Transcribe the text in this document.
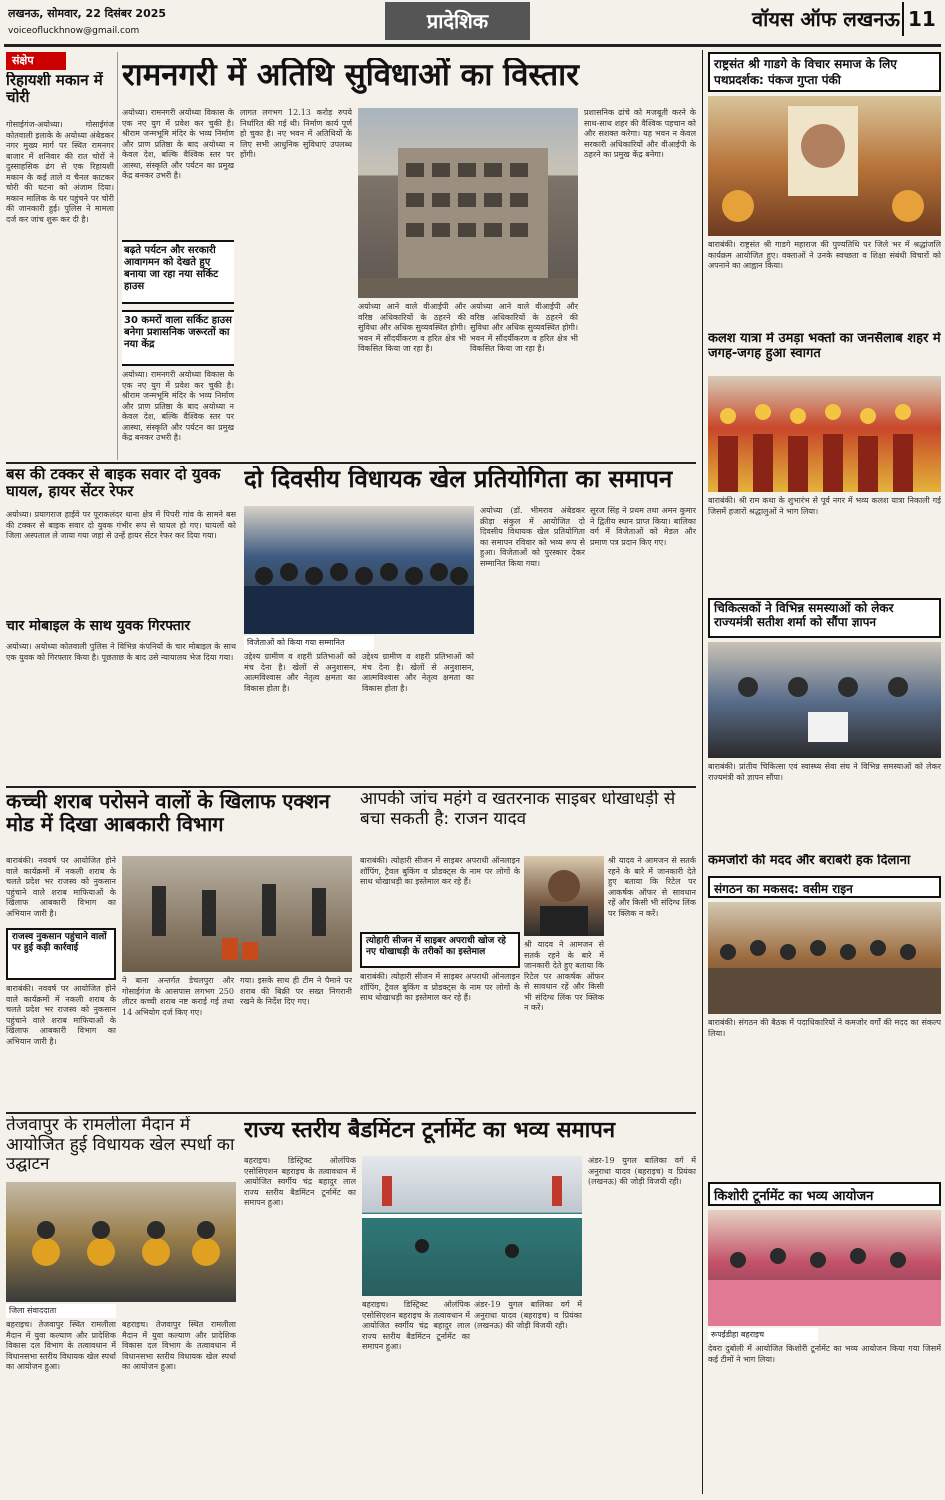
लखनऊ, सोमवार, 22 दिसंबर 2025
voiceofluckhnow@gmail.com	प्रादेशिक	वॉयस ऑफ लखनऊ 11
संक्षेप
रिहायशी मकान में चोरी
गोसाईगंज-अयोध्या। गोसाईगंज कोतवाली इलाके के अयोध्या अंबेडकर नगर मुख्य मार्ग पर स्थित रामनगर बाजार में शनिवार की रात चोरों ने दुस्साहसिक ढंग से एक रिहायशी मकान के कई ताले व चैनल काटकर चोरी की घटना को अंजाम दिया। मकान मालिक के घर पहुंचने पर चोरी की जानकारी हुई। पुलिस ने मामला दर्ज कर जांच शुरू कर दी है।
रामनगरी में अतिथि सुविधाओं का विस्तार
अयोध्या। रामनगरी अयोध्या विकास के एक नए युग में प्रवेश कर चुकी है। श्रीराम जन्मभूमि मंदिर के भव्य निर्माण और प्राण प्रतिष्ठा के बाद अयोध्या न केवल देश, बल्कि वैश्विक स्तर पर आस्था, संस्कृति और पर्यटन का प्रमुख केंद्र बनकर उभरी है।
बढ़ते पर्यटन और सरकारी आवागमन को देखते हुए बनाया जा रहा नया सर्किट हाउस
30 कमरों वाला सर्किट हाउस बनेगा प्रशासनिक जरूरतों का नया केंद्र
अयोध्या। रामनगरी अयोध्या विकास के एक नए युग में प्रवेश कर चुकी है। श्रीराम जन्मभूमि मंदिर के भव्य निर्माण और प्राण प्रतिष्ठा के बाद अयोध्या न केवल देश, बल्कि वैश्विक स्तर पर आस्था, संस्कृति और पर्यटन का प्रमुख केंद्र बनकर उभरी है।
लागत लगभग 12.13 करोड़ रुपये निर्धारित की गई थी। निर्माण कार्य पूर्ण हो चुका है। नए भवन में अतिथियों के लिए सभी आधुनिक सुविधाएं उपलब्ध होंगी।
अयोध्या आने वाले वीआईपी और वरिष्ठ अधिकारियों के ठहरने की सुविधा और अधिक सुव्यवस्थित होगी। भवन में सौंदर्यीकरण व हरित क्षेत्र भी विकसित किया जा रहा है।
अयोध्या आने वाले वीआईपी और वरिष्ठ अधिकारियों के ठहरने की सुविधा और अधिक सुव्यवस्थित होगी। भवन में सौंदर्यीकरण व हरित क्षेत्र भी विकसित किया जा रहा है।
प्रशासनिक ढांचे को मजबूती करने के साथ-साथ शहर की वैश्विक पहचान को और सशक्त करेगा। यह भवन न केवल सरकारी अधिकारियों और वीआईपी के ठहरने का प्रमुख केंद्र बनेगा।
बस की टक्कर से बाइक सवार दो युवक घायल, हायर सेंटर रेफर
अयोध्या। प्रयागराज हाईवे पर पूराकलंदर थाना क्षेत्र में पिपरी गांव के सामने बस की टक्कर से बाइक सवार दो युवक गंभीर रूप से घायल हो गए। घायलों को जिला अस्पताल ले जाया गया जहां से उन्हें हायर सेंटर रेफर कर दिया गया।
चार मोबाइल के साथ युवक गिरफ्तार
अयोध्या। अयोध्या कोतवाली पुलिस ने विभिन्न कंपनियों के चार मोबाइल के साथ एक युवक को गिरफ्तार किया है। पूछताछ के बाद उसे न्यायालय भेज दिया गया।
दो दिवसीय विधायक खेल प्रतियोगिता का समापन
विजेताओं को किया गया सम्मानित
उद्देश्य ग्रामीण व शहरी प्रतिभाओं को मंच देना है। खेलों से अनुशासन, आत्मविश्वास और नेतृत्व क्षमता का विकास होता है।
उद्देश्य ग्रामीण व शहरी प्रतिभाओं को मंच देना है। खेलों से अनुशासन, आत्मविश्वास और नेतृत्व क्षमता का विकास होता है।
अयोध्या (डॉ. भीमराव अंबेडकर क्रीड़ा संकुल में आयोजित दो दिवसीय विधायक खेल प्रतियोगिता का समापन रविवार को भव्य रूप से हुआ। विजेताओं को पुरस्कार देकर सम्मानित किया गया।
सूरज सिंह ने प्रथम तथा अमन कुमार ने द्वितीय स्थान प्राप्त किया। बालिका वर्ग में विजेताओं को मेडल और प्रमाण पत्र प्रदान किए गए।
कच्ची शराब परोसने वालों के खिलाफ एक्शन मोड में दिखा आबकारी विभाग
बाराबंकी। नववर्ष पर आयोजित होने वाले कार्यक्रमों में नकली शराब के चलते प्रदेश भर राजस्व को नुकसान पहुंचाने वाले शराब माफियाओं के खिलाफ आबकारी विभाग का अभियान जारी है।
राजस्व नुकसान पहुंचाने वालों पर हुई कड़ी कार्रवाई
बाराबंकी। नववर्ष पर आयोजित होने वाले कार्यक्रमों में नकली शराब के चलते प्रदेश भर राजस्व को नुकसान पहुंचाने वाले शराब माफियाओं के खिलाफ आबकारी विभाग का अभियान जारी है।
ने बाना अन्तर्गत डेचलपुरा और गोसाईगंज के आसपास लगभग 250 लीटर कच्ची शराब नष्ट कराई गई तथा 14 अभियोग दर्ज किए गए।
गया। इसके साथ ही टीम ने पैमाने पर शराब की बिक्री पर सख्त निगरानी रखने के निर्देश दिए गए।
आपकी जांच महंगे व खतरनाक साइबर धोखाधड़ी से बचा सकती है: राजन यादव
बाराबंकी। त्योहारी सीजन में साइबर अपराधी ऑनलाइन शॉपिंग, ट्रैवल बुकिंग व प्रोडक्ट्स के नाम पर लोगों के साथ धोखाधड़ी का इस्तेमाल कर रहे हैं।
त्योहारी सीजन में साइबर अपराधी खोज रहे नए धोखाधड़ी के तरीकों का इस्तेमाल
बाराबंकी। त्योहारी सीजन में साइबर अपराधी ऑनलाइन शॉपिंग, ट्रैवल बुकिंग व प्रोडक्ट्स के नाम पर लोगों के साथ धोखाधड़ी का इस्तेमाल कर रहे हैं।
श्री यादव ने आमजन से सतर्क रहने के बारे में जानकारी देते हुए बताया कि रिटेल पर आकर्षक ऑफर से सावधान रहें और किसी भी संदिग्ध लिंक पर क्लिक न करें।
श्री यादव ने आमजन से सतर्क रहने के बारे में जानकारी देते हुए बताया कि रिटेल पर आकर्षक ऑफर से सावधान रहें और किसी भी संदिग्ध लिंक पर क्लिक न करें।
तेजवापुर के रामलीला मैदान में आयोजित हुई विधायक खेल स्पर्धा का उद्घाटन
जिला संवाददाता
बहराइच। तेजवापुर स्थित रामलीला मैदान में युवा कल्याण और प्रादेशिक विकास दल विभाग के तत्वावधान में विधानसभा स्तरीय विधायक खेल स्पर्धा का आयोजन हुआ।
बहराइच। तेजवापुर स्थित रामलीला मैदान में युवा कल्याण और प्रादेशिक विकास दल विभाग के तत्वावधान में विधानसभा स्तरीय विधायक खेल स्पर्धा का आयोजन हुआ।
राज्य स्तरीय बैडमिंटन टूर्नामेंट का भव्य समापन
बहराइच। डिस्ट्रिक्ट ओलंपिक एसोसिएशन बहराइच के तत्वावधान में आयोजित स्वर्गीय चंद्र बहादुर लाल राज्य स्तरीय बैडमिंटन टूर्नामेंट का समापन हुआ।
बहराइच। डिस्ट्रिक्ट ओलंपिक एसोसिएशन बहराइच के तत्वावधान में आयोजित स्वर्गीय चंद्र बहादुर लाल राज्य स्तरीय बैडमिंटन टूर्नामेंट का समापन हुआ।
अंडर-19 युगल बालिका वर्ग में अनुराधा यादव (बहराइच) व प्रियंका (लखनऊ) की जोड़ी विजयी रही।
अंडर-19 युगल बालिका वर्ग में अनुराधा यादव (बहराइच) व प्रियंका (लखनऊ) की जोड़ी विजयी रही।
राष्ट्रसंत श्री गाडगे के विचार समाज के लिए पथप्रदर्शक: पंकज गुप्ता पंकी
बाराबंकी। राष्ट्रसंत श्री गाडगे महाराज की पुण्यतिथि पर जिले भर में श्रद्धांजलि कार्यक्रम आयोजित हुए। वक्ताओं ने उनके स्वच्छता व शिक्षा संबंधी विचारों को अपनाने का आह्वान किया।
कलश यात्रा में उमड़ा भक्तों का जनसैलाब शहर में जगह-जगह हुआ स्वागत
बाराबंकी। श्री राम कथा के शुभारंभ से पूर्व नगर में भव्य कलश यात्रा निकाली गई जिसमें हजारों श्रद्धालुओं ने भाग लिया।
चिकित्सकों ने विभिन्न समस्याओं को लेकर राज्यमंत्री सतीश शर्मा को सौंपा ज्ञापन
बाराबंकी। प्रांतीय चिकित्सा एवं स्वास्थ्य सेवा संघ ने विभिन्न समस्याओं को लेकर राज्यमंत्री को ज्ञापन सौंपा।
कमजोरों की मदद और बराबरी हक दिलाना
संगठन का मकसद: वसीम राइन
बाराबंकी। संगठन की बैठक में पदाधिकारियों ने कमजोर वर्गों की मदद का संकल्प लिया।
किशोरी टूर्नामेंट का भव्य आयोजन
रूपईडीहा बहराइच
देवरा दुबोली में आयोजित किशोरी टूर्नामेंट का भव्य आयोजन किया गया जिसमें कई टीमों ने भाग लिया।
